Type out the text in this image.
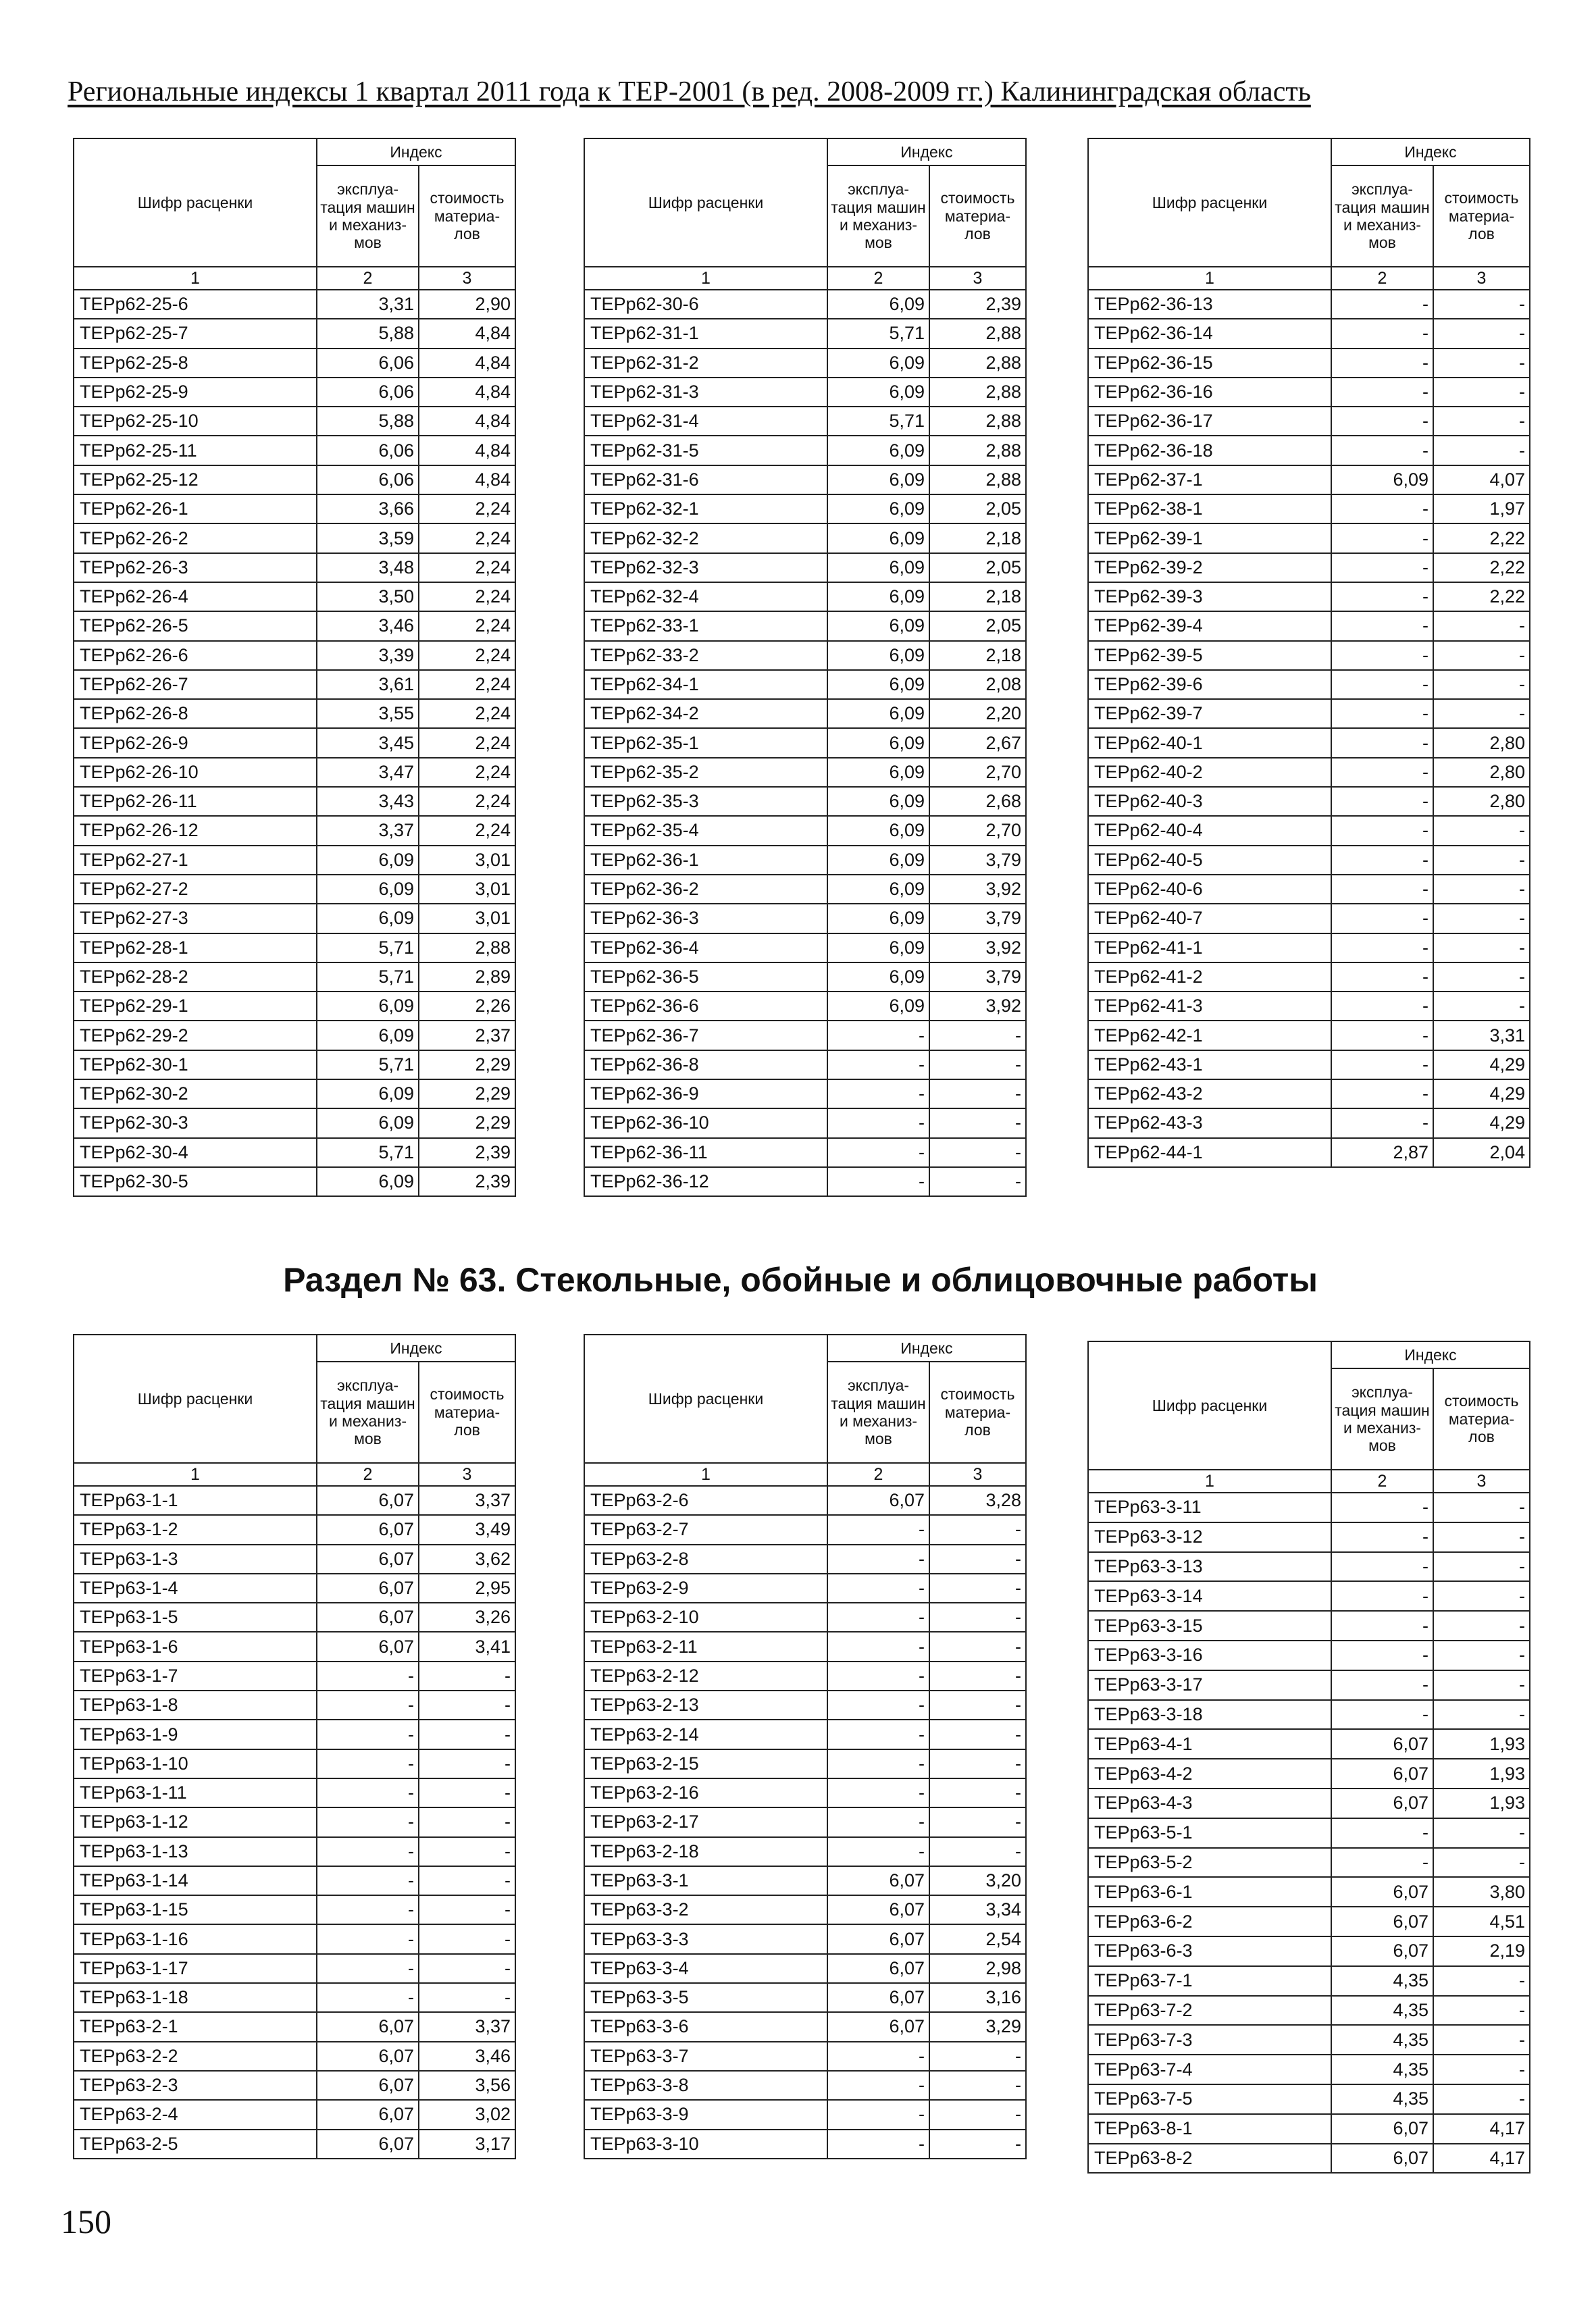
Региональные индексы 1 квартал 2011 года к ТЕР-2001 (в ред. 2008-2009 гг.) Калининградская область
Раздел № 63. Стекольные, обойные и облицовочные работы
150
Шифр расценки	Индекс	
	эксплуа-тация машин и механиз-мов	стоимость материа-лов
1	2	3
ТЕРр62-25-6	3,31	2,90
ТЕРр62-25-7	5,88	4,84
ТЕРр62-25-8	6,06	4,84
ТЕРр62-25-9	6,06	4,84
ТЕРр62-25-10	5,88	4,84
ТЕРр62-25-11	6,06	4,84
ТЕРр62-25-12	6,06	4,84
ТЕРр62-26-1	3,66	2,24
ТЕРр62-26-2	3,59	2,24
ТЕРр62-26-3	3,48	2,24
ТЕРр62-26-4	3,50	2,24
ТЕРр62-26-5	3,46	2,24
ТЕРр62-26-6	3,39	2,24
ТЕРр62-26-7	3,61	2,24
ТЕРр62-26-8	3,55	2,24
ТЕРр62-26-9	3,45	2,24
ТЕРр62-26-10	3,47	2,24
ТЕРр62-26-11	3,43	2,24
ТЕРр62-26-12	3,37	2,24
ТЕРр62-27-1	6,09	3,01
ТЕРр62-27-2	6,09	3,01
ТЕРр62-27-3	6,09	3,01
ТЕРр62-28-1	5,71	2,88
ТЕРр62-28-2	5,71	2,89
ТЕРр62-29-1	6,09	2,26
ТЕРр62-29-2	6,09	2,37
ТЕРр62-30-1	5,71	2,29
ТЕРр62-30-2	6,09	2,29
ТЕРр62-30-3	6,09	2,29
ТЕРр62-30-4	5,71	2,39
ТЕРр62-30-5	6,09	2,39
Шифр расценки	Индекс	
	эксплуа-тация машин и механиз-мов	стоимость материа-лов
1	2	3
ТЕРр62-30-6	6,09	2,39
ТЕРр62-31-1	5,71	2,88
ТЕРр62-31-2	6,09	2,88
ТЕРр62-31-3	6,09	2,88
ТЕРр62-31-4	5,71	2,88
ТЕРр62-31-5	6,09	2,88
ТЕРр62-31-6	6,09	2,88
ТЕРр62-32-1	6,09	2,05
ТЕРр62-32-2	6,09	2,18
ТЕРр62-32-3	6,09	2,05
ТЕРр62-32-4	6,09	2,18
ТЕРр62-33-1	6,09	2,05
ТЕРр62-33-2	6,09	2,18
ТЕРр62-34-1	6,09	2,08
ТЕРр62-34-2	6,09	2,20
ТЕРр62-35-1	6,09	2,67
ТЕРр62-35-2	6,09	2,70
ТЕРр62-35-3	6,09	2,68
ТЕРр62-35-4	6,09	2,70
ТЕРр62-36-1	6,09	3,79
ТЕРр62-36-2	6,09	3,92
ТЕРр62-36-3	6,09	3,79
ТЕРр62-36-4	6,09	3,92
ТЕРр62-36-5	6,09	3,79
ТЕРр62-36-6	6,09	3,92
ТЕРр62-36-7	-	-
ТЕРр62-36-8	-	-
ТЕРр62-36-9	-	-
ТЕРр62-36-10	-	-
ТЕРр62-36-11	-	-
ТЕРр62-36-12	-	-
Шифр расценки	Индекс	
	эксплуа-тация машин и механиз-мов	стоимость материа-лов
1	2	3
ТЕРр62-36-13	-	-
ТЕРр62-36-14	-	-
ТЕРр62-36-15	-	-
ТЕРр62-36-16	-	-
ТЕРр62-36-17	-	-
ТЕРр62-36-18	-	-
ТЕРр62-37-1	6,09	4,07
ТЕРр62-38-1	-	1,97
ТЕРр62-39-1	-	2,22
ТЕРр62-39-2	-	2,22
ТЕРр62-39-3	-	2,22
ТЕРр62-39-4	-	-
ТЕРр62-39-5	-	-
ТЕРр62-39-6	-	-
ТЕРр62-39-7	-	-
ТЕРр62-40-1	-	2,80
ТЕРр62-40-2	-	2,80
ТЕРр62-40-3	-	2,80
ТЕРр62-40-4	-	-
ТЕРр62-40-5	-	-
ТЕРр62-40-6	-	-
ТЕРр62-40-7	-	-
ТЕРр62-41-1	-	-
ТЕРр62-41-2	-	-
ТЕРр62-41-3	-	-
ТЕРр62-42-1	-	3,31
ТЕРр62-43-1	-	4,29
ТЕРр62-43-2	-	4,29
ТЕРр62-43-3	-	4,29
ТЕРр62-44-1	2,87	2,04
Шифр расценки	Индекс	
	эксплуа-тация машин и механиз-мов	стоимость материа-лов
1	2	3
ТЕРр63-1-1	6,07	3,37
ТЕРр63-1-2	6,07	3,49
ТЕРр63-1-3	6,07	3,62
ТЕРр63-1-4	6,07	2,95
ТЕРр63-1-5	6,07	3,26
ТЕРр63-1-6	6,07	3,41
ТЕРр63-1-7	-	-
ТЕРр63-1-8	-	-
ТЕРр63-1-9	-	-
ТЕРр63-1-10	-	-
ТЕРр63-1-11	-	-
ТЕРр63-1-12	-	-
ТЕРр63-1-13	-	-
ТЕРр63-1-14	-	-
ТЕРр63-1-15	-	-
ТЕРр63-1-16	-	-
ТЕРр63-1-17	-	-
ТЕРр63-1-18	-	-
ТЕРр63-2-1	6,07	3,37
ТЕРр63-2-2	6,07	3,46
ТЕРр63-2-3	6,07	3,56
ТЕРр63-2-4	6,07	3,02
ТЕРр63-2-5	6,07	3,17
Шифр расценки	Индекс	
	эксплуа-тация машин и механиз-мов	стоимость материа-лов
1	2	3
ТЕРр63-2-6	6,07	3,28
ТЕРр63-2-7	-	-
ТЕРр63-2-8	-	-
ТЕРр63-2-9	-	-
ТЕРр63-2-10	-	-
ТЕРр63-2-11	-	-
ТЕРр63-2-12	-	-
ТЕРр63-2-13	-	-
ТЕРр63-2-14	-	-
ТЕРр63-2-15	-	-
ТЕРр63-2-16	-	-
ТЕРр63-2-17	-	-
ТЕРр63-2-18	-	-
ТЕРр63-3-1	6,07	3,20
ТЕРр63-3-2	6,07	3,34
ТЕРр63-3-3	6,07	2,54
ТЕРр63-3-4	6,07	2,98
ТЕРр63-3-5	6,07	3,16
ТЕРр63-3-6	6,07	3,29
ТЕРр63-3-7	-	-
ТЕРр63-3-8	-	-
ТЕРр63-3-9	-	-
ТЕРр63-3-10	-	-
Шифр расценки	Индекс	
	эксплуа-тация машин и механиз-мов	стоимость материа-лов
1	2	3
ТЕРр63-3-11	-	-
ТЕРр63-3-12	-	-
ТЕРр63-3-13	-	-
ТЕРр63-3-14	-	-
ТЕРр63-3-15	-	-
ТЕРр63-3-16	-	-
ТЕРр63-3-17	-	-
ТЕРр63-3-18	-	-
ТЕРр63-4-1	6,07	1,93
ТЕРр63-4-2	6,07	1,93
ТЕРр63-4-3	6,07	1,93
ТЕРр63-5-1	-	-
ТЕРр63-5-2	-	-
ТЕРр63-6-1	6,07	3,80
ТЕРр63-6-2	6,07	4,51
ТЕРр63-6-3	6,07	2,19
ТЕРр63-7-1	4,35	-
ТЕРр63-7-2	4,35	-
ТЕРр63-7-3	4,35	-
ТЕРр63-7-4	4,35	-
ТЕРр63-7-5	4,35	-
ТЕРр63-8-1	6,07	4,17
ТЕРр63-8-2	6,07	4,17
